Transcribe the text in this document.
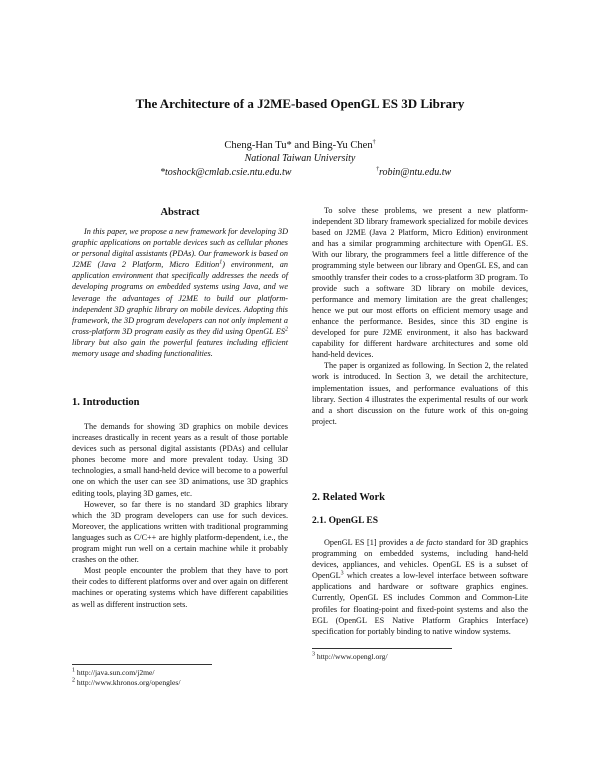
The Architecture of a J2ME-based OpenGL ES 3D Library
Cheng-Han Tu* and Bing-Yu Chen†
National Taiwan University
*toshock@cmlab.csie.ntu.edu.tw	†robin@ntu.edu.tw
Abstract

In this paper, we propose a new framework for developing 3D graphic applications on portable devices such as cellular phones or personal digital assistants (PDAs). Our framework is based on J2ME (Java 2 Platform, Micro Edition$^1$) environment, an application environment that specifically addresses the needs of developing programs on embedded systems using Java, and we leverage the advantages of J2ME to build our platform-independent 3D graphic library on mobile devices. Adopting this framework, the 3D program developers can not only implement a cross-platform 3D program easily as they did using OpenGL $ES^2$ library but also gain the powerful features including efficient memory usage and shading functionalities.

1. Introduction

The demands for showing 3D graphics on mobile devices increases drastically in recent years as a result of those portable devices such as personal digital assistants (PDAs) and cellular phones become more and more prevalent today. Using 3D technologies, a small hand-held device will become to a powerful one on which the user can see 3D animations, use 3D graphics editing tools, playing 3D games, etc.

However, so far there is no standard 3D graphics library which the 3D program developers can use for such devices. Moreover, the applications written with traditional programming languages such as C/C++ are highly platform-dependent, i.e., the program might run well on a certain machine while it probably crashes on the other.

Most people encounter the problem that they have to port their codes to different platforms over and over again on different machines or operating systems which have different capabilities as well as different instruction sets.

$^1$ http://java.sun.com/j2me/
$^2$ http://www.khronos.org/opengles/

To solve these problems, we present a new platform-independent 3D library framework specialized for mobile devices based on J2ME (Java 2 Platform, Micro Edition) environment and has a similar programming architecture with OpenGL ES. With our library, the programmers feel a little difference of the programming style between our library and OpenGL ES, and can smoothly transfer their codes to a cross-platform 3D program. To provide such a software 3D library on mobile devices, performance and memory limitation are the great challenges; hence we put our most efforts on efficient memory usage and enhance the performance. Besides, since this 3D engine is developed for pure J2ME environment, it also has backward capability for different hardware architectures and some old hand-held devices.

The paper is organized as following. In Section 2, the related work is introduced. In Section 3, we detail the architecture, implementation issues, and performance evaluations of this library. Section 4 illustrates the experimental results of our work and a short discussion on the future work of this on-going project.

2. Related Work
2.1. OpenGL ES

OpenGL ES [1] provides a de facto standard for 3D graphics programming on embedded systems, including hand-held devices, appliances, and vehicles. OpenGL ES is a subset of OpenGL$^3$ which creates a low-level interface between software applications and hardware or software graphics engines. Currently, OpenGL ES includes Common and Common-Lite profiles for floating-point and fixed-point systems and also the EGL (OpenGL ES Native Platform Graphics Interface) specification for portably binding to native window systems.

$^3$ http://www.opengl.org/
